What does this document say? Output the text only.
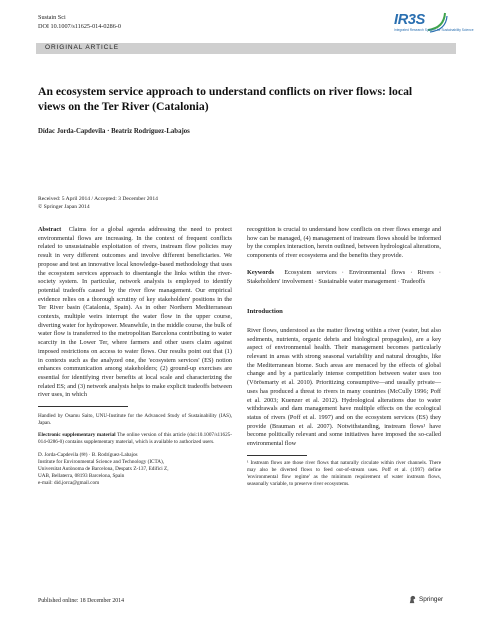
Sustain Sci
DOI 10.1007/s11625-014-0286-0	IR3S
Integrated Research System for Sustainability Science
ORIGINAL ARTICLE
An ecosystem service approach to understand conflicts on river flows: local views on the Ter River (Catalonia)
Dídac Jorda-Capdevila · Beatriz Rodríguez-Labajos
Received: 5 April 2014 / Accepted: 3 December 2014
© Springer Japan 2014

Abstract Claims for a global agenda addressing the need to protect environmental flows are increasing. In the context of frequent conflicts related to unsustainable exploitation of rivers, instream flow policies may result in very different outcomes and involve different beneficiaries. We propose and test an innovative local knowledge-based methodology that uses the ecosystem services approach to disentangle the links within the river-society system. In particular, network analysis is employed to identify potential tradeoffs caused by the river flow management. Our empirical evidence relies on a thorough scrutiny of key stakeholders' positions in the Ter River basin (Catalonia, Spain). As in other Northern Mediterranean contexts, multiple weirs interrupt the water flow in the upper course, diverting water for hydropower. Meanwhile, in the middle course, the bulk of water flow is transferred to the metropolitan Barcelona contributing to water scarcity in the Lower Ter, where farmers and other users claim against imposed restrictions on access to water flows. Our results point out that (1) in contexts such as the analyzed one, the 'ecosystem services' (ES) notion enhances communication among stakeholders; (2) ground-up exercises are essential for identifying river benefits at local scale and characterizing the related ES; and (3) network analysis helps to make explicit tradeoffs between river uses, in which

Handled by Osamu Saito, UNU-Institute for the Advanced Study of Sustainability (IAS), Japan.
Electronic supplementary material The online version of this article (doi:10.1007/s11625-014-0286-0) contains supplementary material, which is available to authorized users.
D. Jorda-Capdevila (✉) · B. Rodríguez-Labajos
Institute for Environmental Science and Technology (ICTA),
Universitat Autònoma de Barcelona, Despatx Z-137, Edifici Z,
UAB, Bellaterra, 08193 Barcelona, Spain
e-mail: did.jorca@gmail.com

recognition is crucial to understand how conflicts on river flows emerge and how can be managed, (4) management of instream flows should be informed by the complex interaction, herein outlined, between hydrological alterations, components of river ecosystems and the benefits they provide.

Keywords Ecosystem services · Environmental flows · Rivers · Stakeholders' involvement · Sustainable water management · Tradeoffs

Introduction

River flows, understood as the matter flowing within a river (water, but also sediments, nutrients, organic debris and biological propagules), are a key aspect of environmental health. Their management becomes particularly relevant in areas with strong seasonal variability and natural droughts, like the Mediterranean biome. Such areas are menaced by the effects of global change and by a particularly intense competition between water uses too (Vörösmarty et al. 2010). Prioritizing consumptive—and usually private—uses has produced a threat to rivers in many countries (McCully 1996; Poff et al. 2003; Kuenzer et al. 2012). Hydrological alterations due to water withdrawals and dam management have multiple effects on the ecological status of rivers (Poff et al. 1997) and on the ecosystem services (ES) they provide (Brauman et al. 2007). Notwithstanding, instream flows¹ have become politically relevant and some initiatives have imposed the so-called environmental flow

¹ Instream flows are those river flows that naturally circulate within river channels. There may also be diverted flows to feed out-of-stream uses. Poff et al. (1997) define 'environmental flow regime' as the minimum requirement of water instream flows, seasonally variable, to preserve river ecosystems.
Published online: 18 December 2014	Springer
